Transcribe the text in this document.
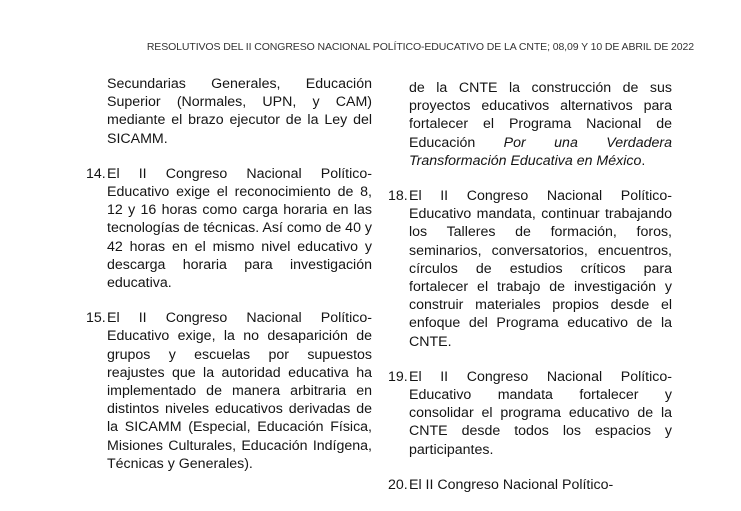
RESOLUTIVOS DEL II CONGRESO NACIONAL POLÍTICO-EDUCATIVO DE LA CNTE; 08,09 Y 10 DE ABRIL DE 2022
Secundarias Generales, Educación Superior (Normales, UPN, y CAM) mediante el brazo ejecutor de la Ley del SICAMM.
14. El II Congreso Nacional Político-Educativo exige el reconocimiento de 8, 12 y 16 horas como carga horaria en las tecnologías de técnicas. Así como de 40 y 42 horas en el mismo nivel educativo y descarga horaria para investigación educativa.
15. El II Congreso Nacional Político-Educativo exige, la no desaparición de grupos y escuelas por supuestos reajustes que la autoridad educativa ha implementado de manera arbitraria en distintos niveles educativos derivadas de la SICAMM (Especial, Educación Física, Misiones Culturales, Educación Indígena, Técnicas y Generales).
de la CNTE la construcción de sus proyectos educativos alternativos para fortalecer el Programa Nacional de Educación Por una Verdadera Transformación Educativa en México.
18. El II Congreso Nacional Político-Educativo mandata, continuar trabajando los Talleres de formación, foros, seminarios, conversatorios, encuentros, círculos de estudios críticos para fortalecer el trabajo de investigación y construir materiales propios desde el enfoque del Programa educativo de la CNTE.
19. El II Congreso Nacional Político-Educativo mandata fortalecer y consolidar el programa educativo de la CNTE desde todos los espacios y participantes.
20. El II Congreso Nacional Político-
